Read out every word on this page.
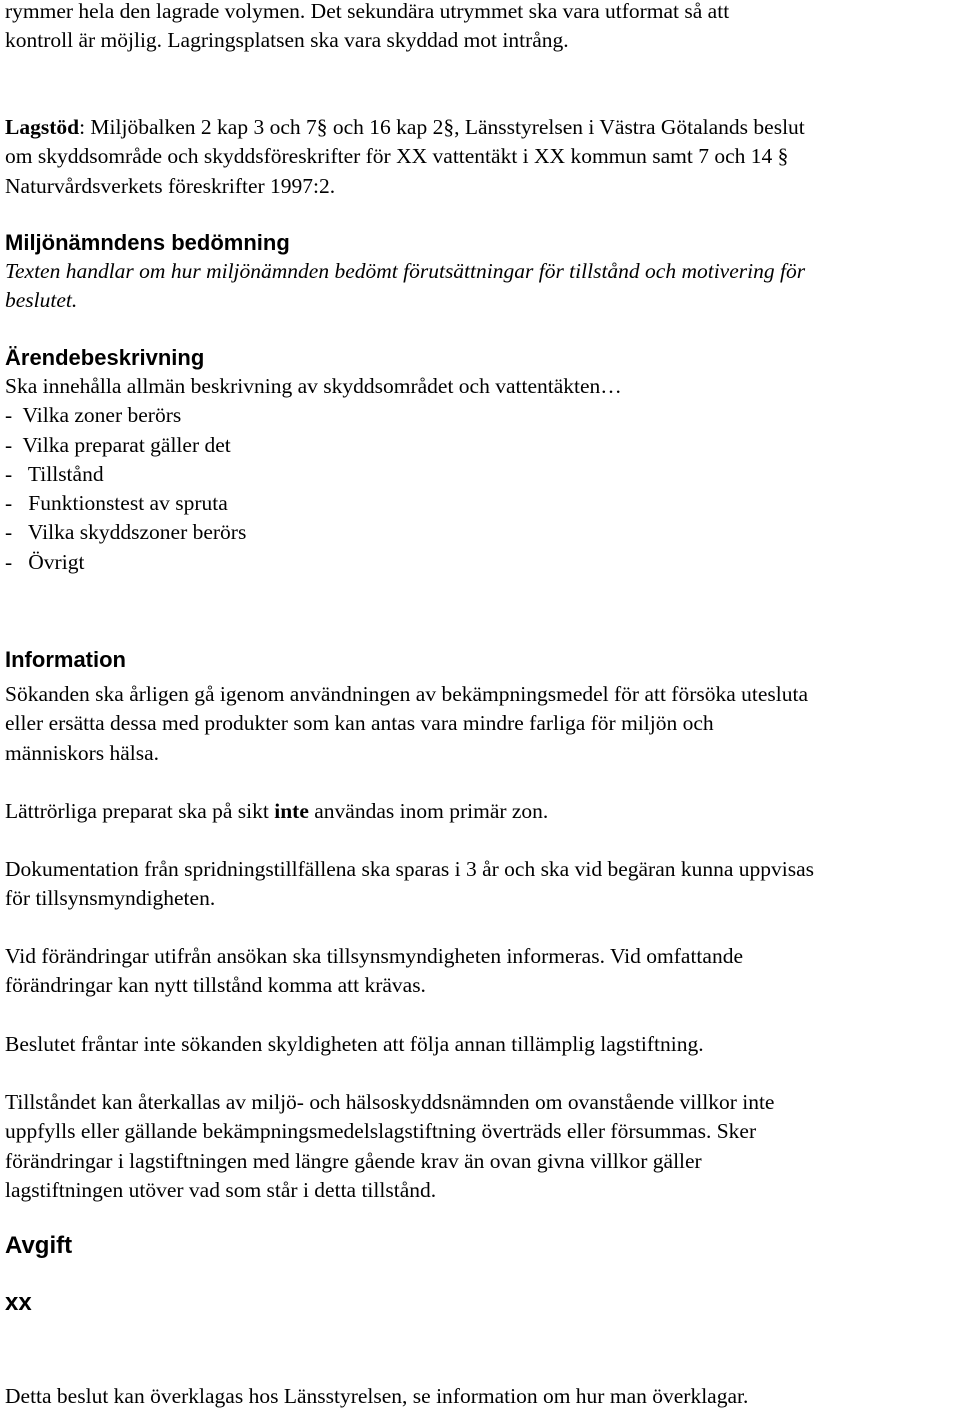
rymmer hela den lagrade volymen. Det sekundära utrymmet ska vara utformat så att
kontroll är möjlig. Lagringsplatsen ska vara skyddad mot intrång.
Lagstöd: Miljöbalken 2 kap 3 och 7§ och 16 kap 2§, Länsstyrelsen i Västra Götalands beslut
om skyddsområde och skyddsföreskrifter för XX vattentäkt i XX kommun samt 7 och 14 §
Naturvårdsverkets föreskrifter 1997:2.
Miljönämndens bedömning
Texten handlar om hur miljönämnden bedömt förutsättningar för tillstånd och motivering för
beslutet.
Ärendebeskrivning
Ska innehålla allmän beskrivning av skyddsområdet och vattentäkten…
-  Vilka zoner berörs
-  Vilka preparat gäller det
-   Tillstånd
-   Funktionstest av spruta
-   Vilka skyddszoner berörs
-   Övrigt
Information
Sökanden ska årligen gå igenom användningen av bekämpningsmedel för att försöka utesluta
eller ersätta dessa med produkter som kan antas vara mindre farliga för miljön och
människors hälsa.
Lättrörliga preparat ska på sikt inte användas inom primär zon.
Dokumentation från spridningstillfällena ska sparas i 3 år och ska vid begäran kunna uppvisas
för tillsynsmyndigheten.
Vid förändringar utifrån ansökan ska tillsynsmyndigheten informeras. Vid omfattande
förändringar kan nytt tillstånd komma att krävas.
Beslutet fråntar inte sökanden skyldigheten att följa annan tillämplig lagstiftning.
Tillståndet kan återkallas av miljö- och hälsoskyddsnämnden om ovanstående villkor inte
uppfylls eller gällande bekämpningsmedelslagstiftning överträds eller försummas. Sker
förändringar i lagstiftningen med längre gående krav än ovan givna villkor gäller
lagstiftningen utöver vad som står i detta tillstånd.
Avgift
xx
Detta beslut kan överklagas hos Länsstyrelsen, se information om hur man överklagar.
